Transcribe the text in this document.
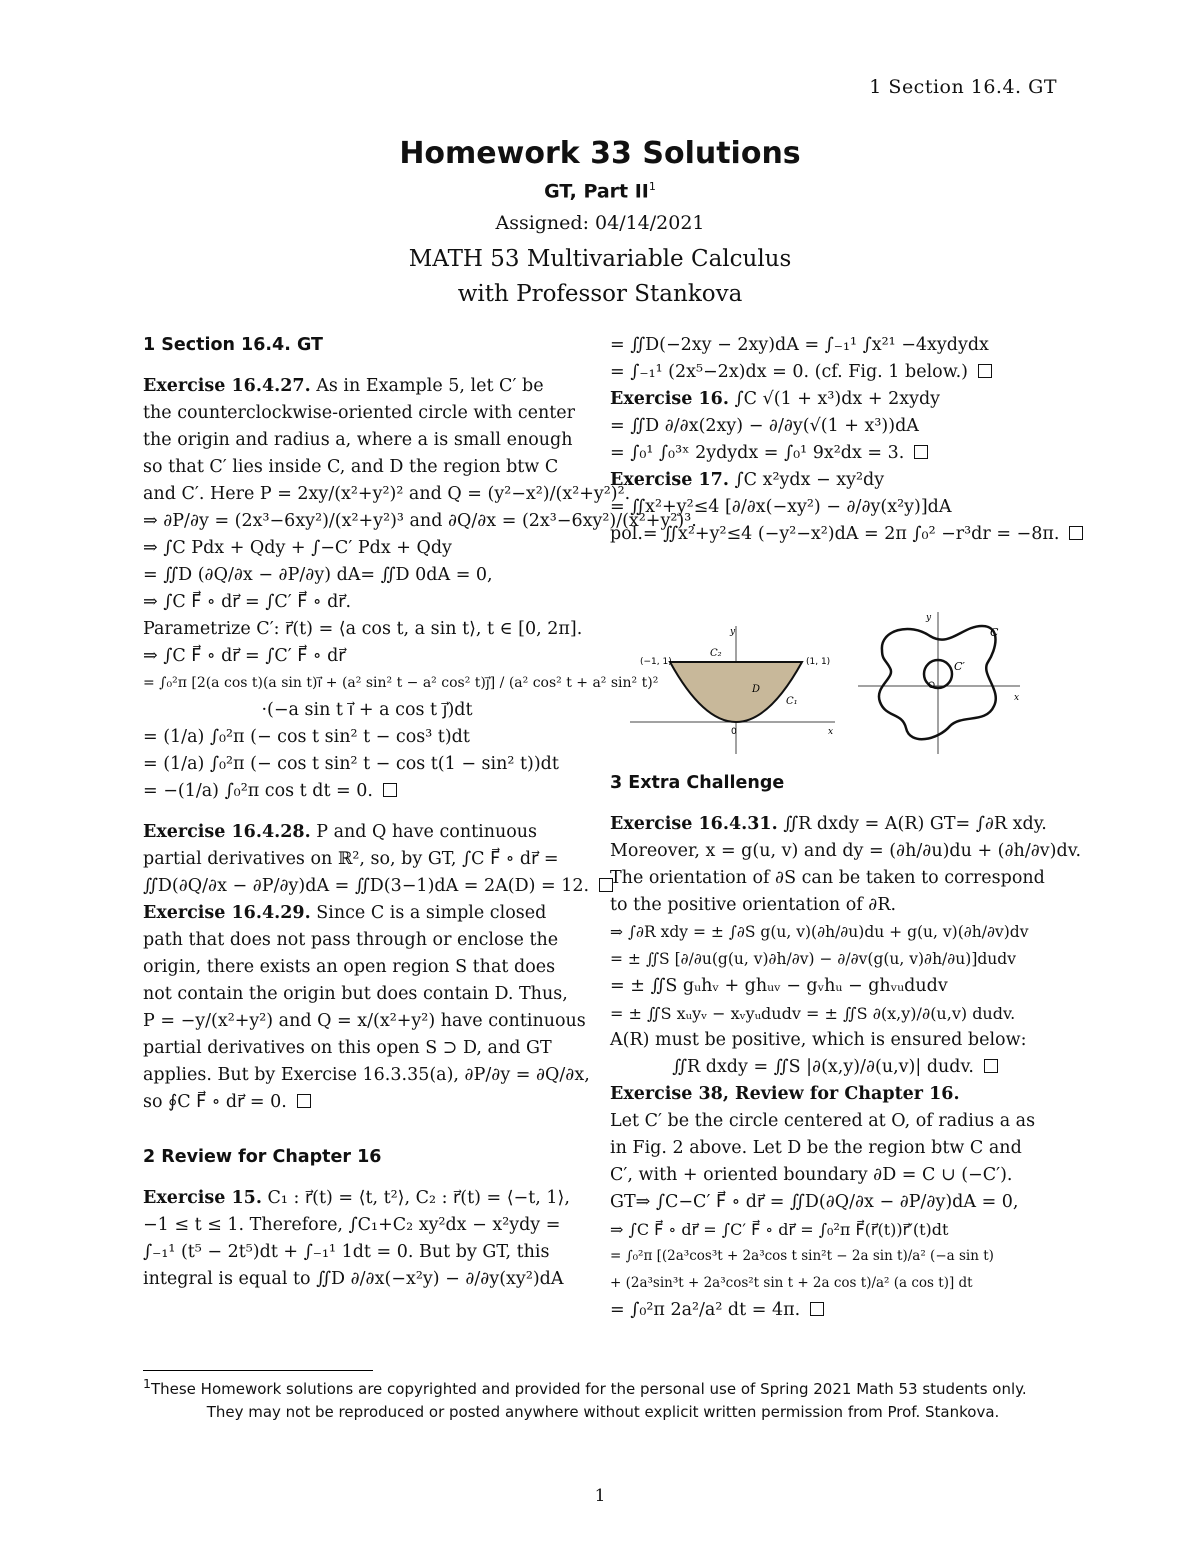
1 Section 16.4. GT
Homework 33 Solutions
GT, Part $II^1$
Assigned: 04/14/2021
MATH 53 Multivariable Calculus
with Professor Stankova
1 Section 16.4. GT
Exercise 16.4.27. As in Example 5, let C′ be
the counterclockwise-oriented circle with center
the origin and radius a, where a is small enough
so that C′ lies inside C, and D the region btw C
and C′. Here P = 2xy/(x²+y²)² and Q = (y²−x²)/(x²+y²)².
⇒ ∂P/∂y = (2x³−6xy²)/(x²+y²)³ and ∂Q/∂x = (2x³−6xy²)/(x²+y²)³.
⇒ ∫C Pdx + Qdy + ∫−C′ Pdx + Qdy
= ∬D (∂Q/∂x − ∂P/∂y) dA= ∬D 0dA = 0,
⇒ ∫C F⃗ ∘ dr⃗ = ∫C′ F⃗ ∘ dr⃗.
Parametrize C′: r⃗(t) = ⟨a cos t, a sin t⟩, t ∈ [0, 2π].
⇒ ∫C F⃗ ∘ dr⃗ = ∫C′ F⃗ ∘ dr⃗
= ∫₀²π [2(a cos t)(a sin t)i⃗ + (a² sin² t − a² cos² t)j⃗] / (a² cos² t + a² sin² t)²
·(−a sin t i⃗ + a cos t j⃗)dt
= (1/a) ∫₀²π (− cos t sin² t − cos³ t)dt
= (1/a) ∫₀²π (− cos t sin² t − cos t(1 − sin² t))dt
= −(1/a) ∫₀²π cos t dt = 0.
Exercise 16.4.28. P and Q have continuous
partial derivatives on ℝ², so, by GT, ∫C F⃗ ∘ dr⃗ =
∬D(∂Q/∂x − ∂P/∂y)dA = ∬D(3−1)dA = 2A(D) = 12.
Exercise 16.4.29. Since C is a simple closed
path that does not pass through or enclose the
origin, there exists an open region S that does
not contain the origin but does contain D. Thus,
P = −y/(x²+y²) and Q = x/(x²+y²) have continuous
partial derivatives on this open S ⊃ D, and GT
applies. But by Exercise 16.3.35(a), ∂P/∂y = ∂Q/∂x,
so ∮C F⃗ ∘ dr⃗ = 0.
2 Review for Chapter 16
Exercise 15. C₁ : r⃗(t) = ⟨t, t²⟩, C₂ : r⃗(t) = ⟨−t, 1⟩,
−1 ≤ t ≤ 1. Therefore, ∫C₁+C₂ xy²dx − x²ydy =
∫₋₁¹ (t⁵ − 2t⁵)dt + ∫₋₁¹ 1dt = 0. But by GT, this
integral is equal to ∬D ∂/∂x(−x²y) − ∂/∂y(xy²)dA
= ∬D(−2xy − 2xy)dA = ∫₋₁¹ ∫x²¹ −4xydydx
= ∫₋₁¹ (2x⁵−2x)dx = 0. (cf. Fig. 1 below.)
Exercise 16. ∫C √(1 + x³)dx + 2xydy
= ∬D ∂/∂x(2xy) − ∂/∂y(√(1 + x³))dA
= ∫₀¹ ∫₀³ˣ 2ydydx = ∫₀¹ 9x²dx = 3.
Exercise 17. ∫C x²ydx − xy²dy
= ∬x²+y²≤4 [∂/∂x(−xy²) − ∂/∂y(x²y)]dA
pol.= ∬x²+y²≤4 (−y²−x²)dA = 2π ∫₀² −r³dr = −8π.
(−1, 1)	(1, 1)
C₂
C₁
D
0	x
y	C
C′
O
x
y
3 Extra Challenge
Exercise 16.4.31. ∬R dxdy = A(R) GT= ∫∂R xdy.
Moreover, x = g(u, v) and dy = (∂h/∂u)du + (∂h/∂v)dv.
The orientation of ∂S can be taken to correspond
to the positive orientation of ∂R.
⇒ ∫∂R xdy = ± ∫∂S g(u, v)(∂h/∂u)du + g(u, v)(∂h/∂v)dv
= ± ∬S [∂/∂u(g(u, v)∂h/∂v) − ∂/∂v(g(u, v)∂h/∂u)]dudv
= ± ∬S gᵤhᵥ + ghᵤᵥ − gᵥhᵤ − ghᵥᵤdudv
= ± ∬S xᵤyᵥ − xᵥyᵤdudv = ± ∬S ∂(x,y)/∂(u,v) dudv.
A(R) must be positive, which is ensured below:
∬R dxdy = ∬S |∂(x,y)/∂(u,v)| dudv.
Exercise 38, Review for Chapter 16.
Let C′ be the circle centered at O, of radius a as
in Fig. 2 above. Let D be the region btw C and
C′, with + oriented boundary ∂D = C ∪ (−C′).
GT⇒ ∫C−C′ F⃗ ∘ dr⃗ = ∬D(∂Q/∂x − ∂P/∂y)dA = 0,
⇒ ∫C F⃗ ∘ dr⃗ = ∫C′ F⃗ ∘ dr⃗ = ∫₀²π F⃗(r⃗(t))r⃗′(t)dt
= ∫₀²π [(2a³cos³t + 2a³cos t sin²t − 2a sin t)/a² (−a sin t)
+ (2a³sin³t + 2a³cos²t sin t + 2a cos t)/a² (a cos t)] dt
= ∫₀²π 2a²/a² dt = 4π.
$^1$These Homework solutions are copyrighted and provided for the personal use of Spring 2021 Math 53 students only.
They may not be reproduced or posted anywhere without explicit written permission from Prof. Stankova.
1
